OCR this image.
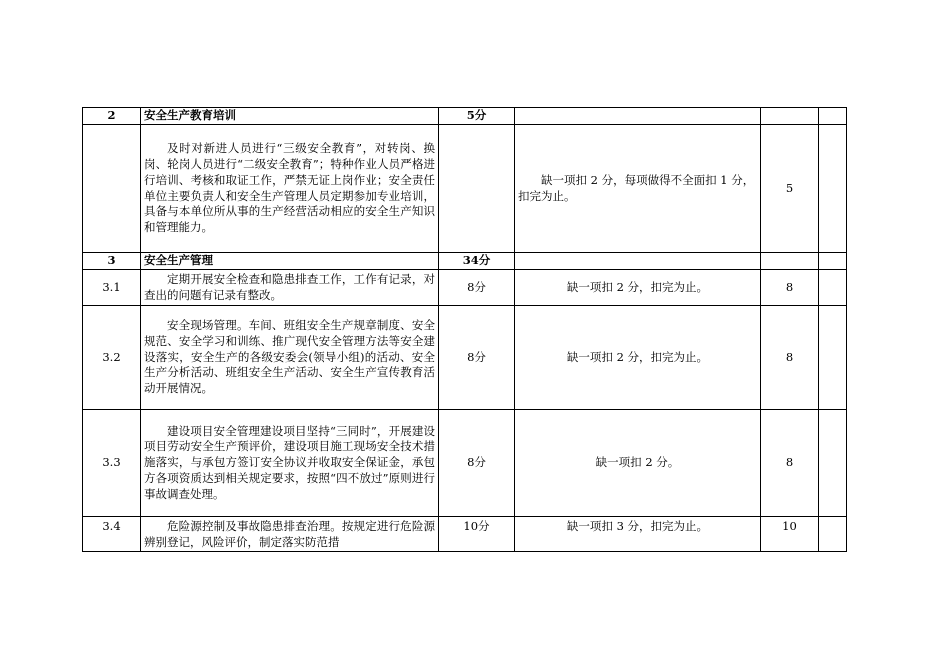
2	安全生产教育培训	5分			

	及时对新进人员进行“三级安全教育”，对转岗、换岗、轮岗人员进行“二级安全教育”；特种作业人员严格进行培训、考核和取证工作，严禁无证上岗作业；安全责任单位主要负责人和安全生产管理人员定期参加专业培训，具备与本单位所从事的生产经营活动相应的安全生产知识和管理能力。		缺一项扣 2 分，每项做得不全面扣 1 分，扣完为止。	5	
3	安全生产管理	34分			
3.1	定期开展安全检查和隐患排查工作，工作有记录，对查出的问题有记录有整改。	8分	缺一项扣 2 分，扣完为止。	8	
3.2	安全现场管理。车间、班组安全生产规章制度、安全规范、安全学习和训练、推广现代安全管理方法等安全建设落实，安全生产的各级安委会(领导小组)的活动、安全生产分析活动、班组安全生产活动、安全生产宣传教育活动开展情况。	8分	缺一项扣 2 分，扣完为止。	8	
3.3	建设项目安全管理建设项目坚持“三同时”，开展建设项目劳动安全生产预评价，建设项目施工现场安全技术措施落实，与承包方签订安全协议并收取安全保证金，承包方各项资质达到相关规定要求，按照“四不放过”原则进行事故调查处理。	8分	缺一项扣 2 分。	8	
3.4	危险源控制及事故隐患排查治理。按规定进行危险源辨别登记，风险评价，制定落实防范措	10分	缺一项扣 3 分，扣完为止。	10	
